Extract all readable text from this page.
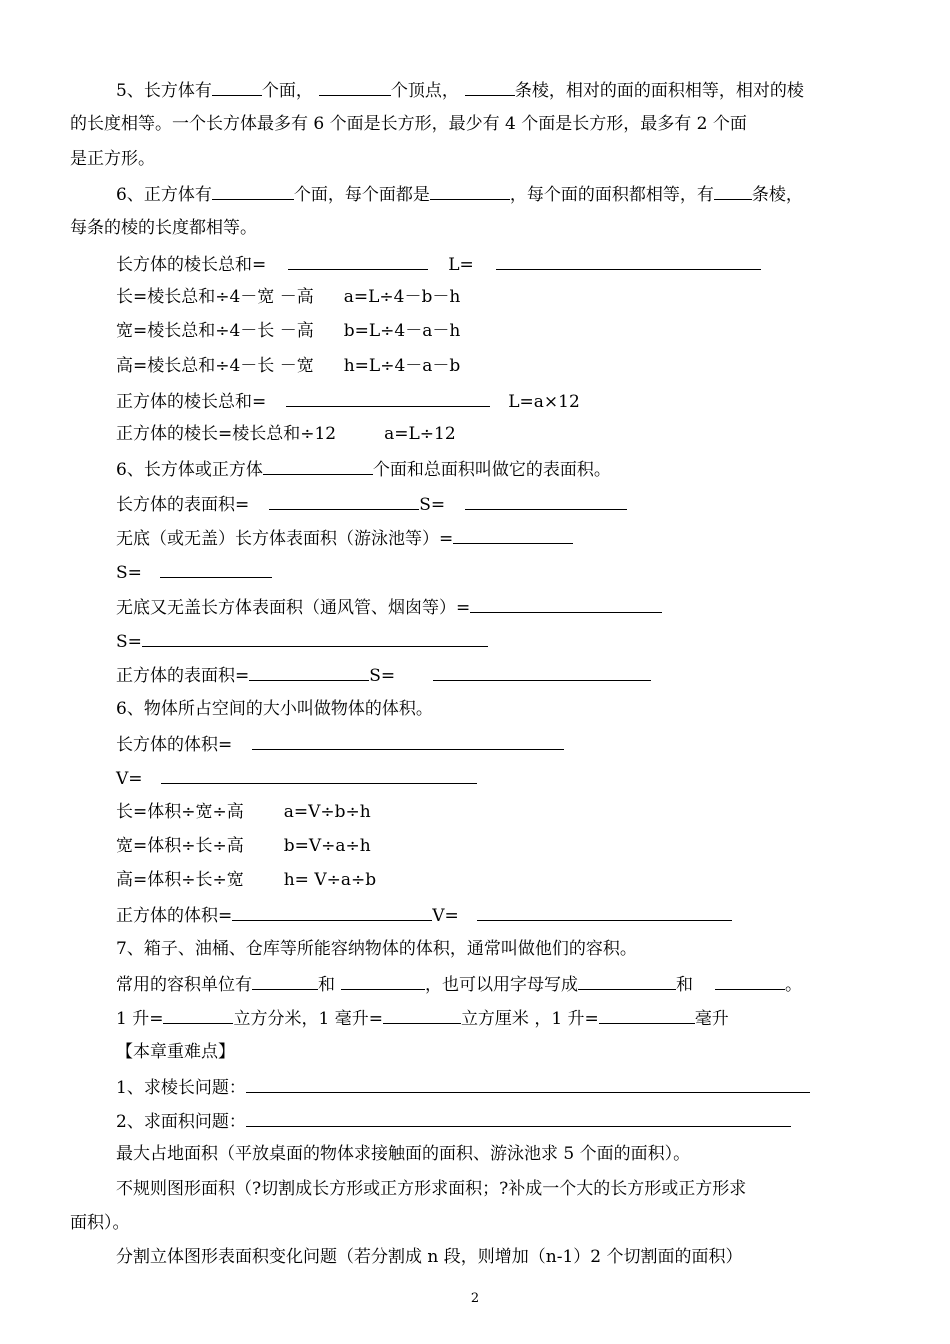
5、长方体有	个面，	个顶点，	条棱，相对的面的面积相等，相对的棱
的长度相等。一个长方体最多有 6 个面是长方形，最少有 4 个面是长方形，最多有 2 个面
是正方形。
6、正方体有	个面，每个面都是	，每个面的面积都相等，有 条棱，
每条的棱的长度都相等。
长方体的棱长总和=	L=
长=棱长总和÷4－宽 －高 a=L÷4－b－h
宽=棱长总和÷4－长 －高 b=L÷4－a－h
高=棱长总和÷4－长 －宽 h=L÷4－a－b
正方体的棱长总和=	L=a×12
正方体的棱长=棱长总和÷12	a=L÷12
6、长方体或正方体	个面和总面积叫做它的表面积。
长方体的表面积=	S=
无底（或无盖）长方体表面积（游泳池等）=
S=
无底又无盖长方体表面积（通风管、烟囱等）=
S=
正方体的表面积=	S=
6、物体所占空间的大小叫做物体的体积。
长方体的体积=
V=
长=体积÷宽÷高 a=V÷b÷h
宽=体积÷长÷高 b=V÷a÷h
高=体积÷长÷宽 h= V÷a÷b
正方体的体积=	V=
7、箱子、油桶、仓库等所能容纳物体的体积，通常叫做他们的容积。
常用的容积单位有	和	，也可以用字母写成	和	。
1 升=	立方分米，1 毫升=	立方厘米 ，1 升=	毫升
【本章重难点】
1、求棱长问题：
2、求面积问题：
最大占地面积（平放桌面的物体求接触面的面积、游泳池求 5 个面的面积）。
不规则图形面积（?切割成长方形或正方形求面积；?补成一个大的长方形或正方形求
面积）。
分割立体图形表面积变化问题（若分割成 n 段，则增加（n-1）2 个切割面的面积）
2
